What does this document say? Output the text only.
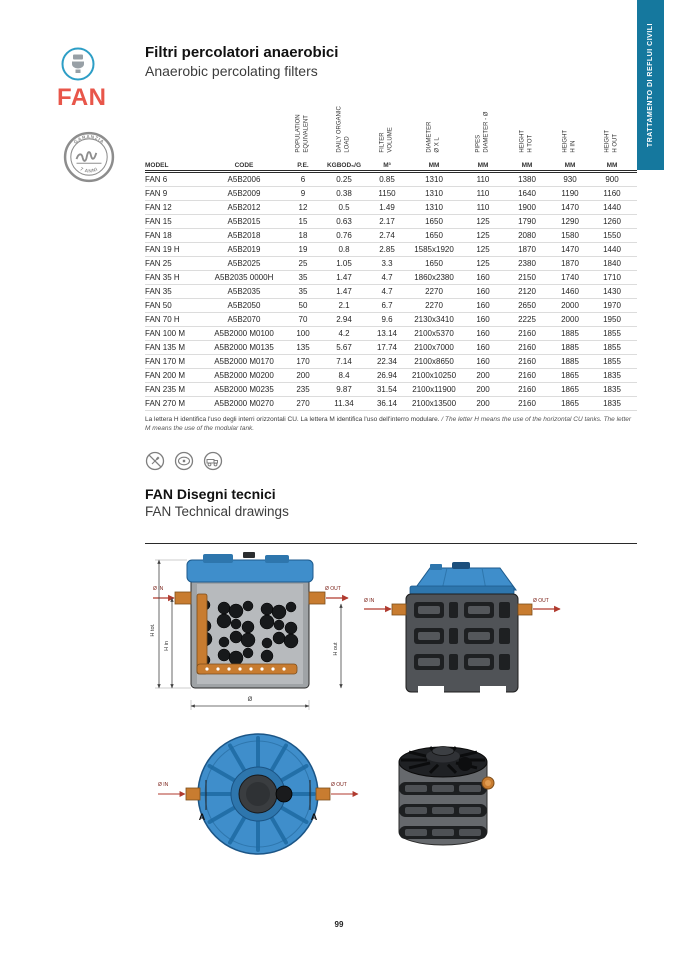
TRATTAMENTO DI REFLUI CIVILI
FAN
GARANZIA
7 ANNI
Filtri percolatori anaerobici
Anaerobic percolating filters
POPULATION EQUIVALENT	DAILY ORGANIC LOAD	FILTER VOLUME	DIAMETER Ø X L	PIPES DIAMETER - Ø	HEIGHT H TOT	HEIGHT H IN	HEIGHT H OUT
MODEL	CODE	P.E.	KGBOD₅/G	M³	MM	MM	MM	MM	MM
FAN 6	A5B2006	6	0.25	0.85	1310	110	1380	930	900
FAN 9	A5B2009	9	0.38	1150	1310	110	1640	1190	1160
FAN 12	A5B2012	12	0.5	1.49	1310	110	1900	1470	1440
FAN 15	A5B2015	15	0.63	2.17	1650	125	1790	1290	1260
FAN 18	A5B2018	18	0.76	2.74	1650	125	2080	1580	1550
FAN 19 H	A5B2019	19	0.8	2.85	1585x1920	125	1870	1470	1440
FAN 25	A5B2025	25	1.05	3.3	1650	125	2380	1870	1840
FAN 35 H	A5B2035 0000H	35	1.47	4.7	1860x2380	160	2150	1740	1710
FAN 35	A5B2035	35	1.47	4.7	2270	160	2120	1460	1430
FAN 50	A5B2050	50	2.1	6.7	2270	160	2650	2000	1970
FAN 70 H	A5B2070	70	2.94	9.6	2130x3410	160	2225	2000	1950
FAN 100 M	A5B2000 M0100	100	4.2	13.14	2100x5370	160	2160	1885	1855
FAN 135 M	A5B2000 M0135	135	5.67	17.74	2100x7000	160	2160	1885	1855
FAN 170 M	A5B2000 M0170	170	7.14	22.34	2100x8650	160	2160	1885	1855
FAN 200 M	A5B2000 M0200	200	8.4	26.94	2100x10250	200	2160	1865	1835
FAN 235 M	A5B2000 M0235	235	9.87	31.54	2100x11900	200	2160	1865	1835
FAN 270 M	A5B2000 M0270	270	11.34	36.14	2100x13500	200	2160	1865	1835

La lettera H identifica l'uso degli interri orizzontali CU. La lettera M identifica l'uso dell'interro modulare. / The letter H means the use of the horizontal CU tanks. The letter M means the use of the modular tank.

FAN Disegni tecnici
FAN Technical drawings
Ø IN	Ø OUT
H tot.
H in	H out
Ø
Ø IN	Ø OUT
Ø IN	Ø OUT
A	A
99
